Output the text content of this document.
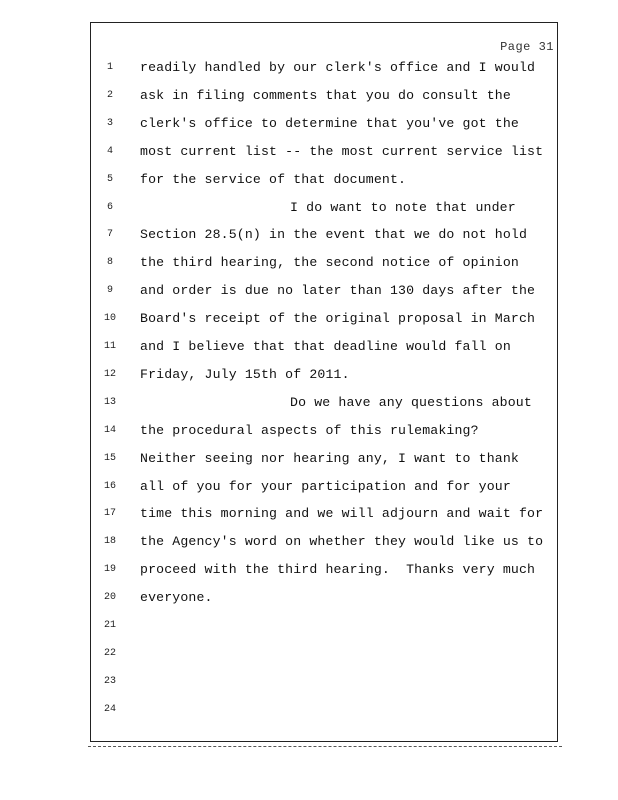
Page 31
1	readily handled by our clerk's office and I would
2	ask in filing comments that you do consult the
3	clerk's office to determine that you've got the
4	most current list -- the most current service list
5	for the service of that document.
6	I do want to note that under
7	Section 28.5(n) in the event that we do not hold
8	the third hearing, the second notice of opinion
9	and order is due no later than 130 days after the
10	Board's receipt of the original proposal in March
11	and I believe that that deadline would fall on
12	Friday, July 15th of 2011.
13	Do we have any questions about
14	the procedural aspects of this rulemaking?
15	Neither seeing nor hearing any, I want to thank
16	all of you for your participation and for your
17	time this morning and we will adjourn and wait for
18	the Agency's word on whether they would like us to
19	proceed with the third hearing.  Thanks very much
20	everyone.
21
22
23
24
